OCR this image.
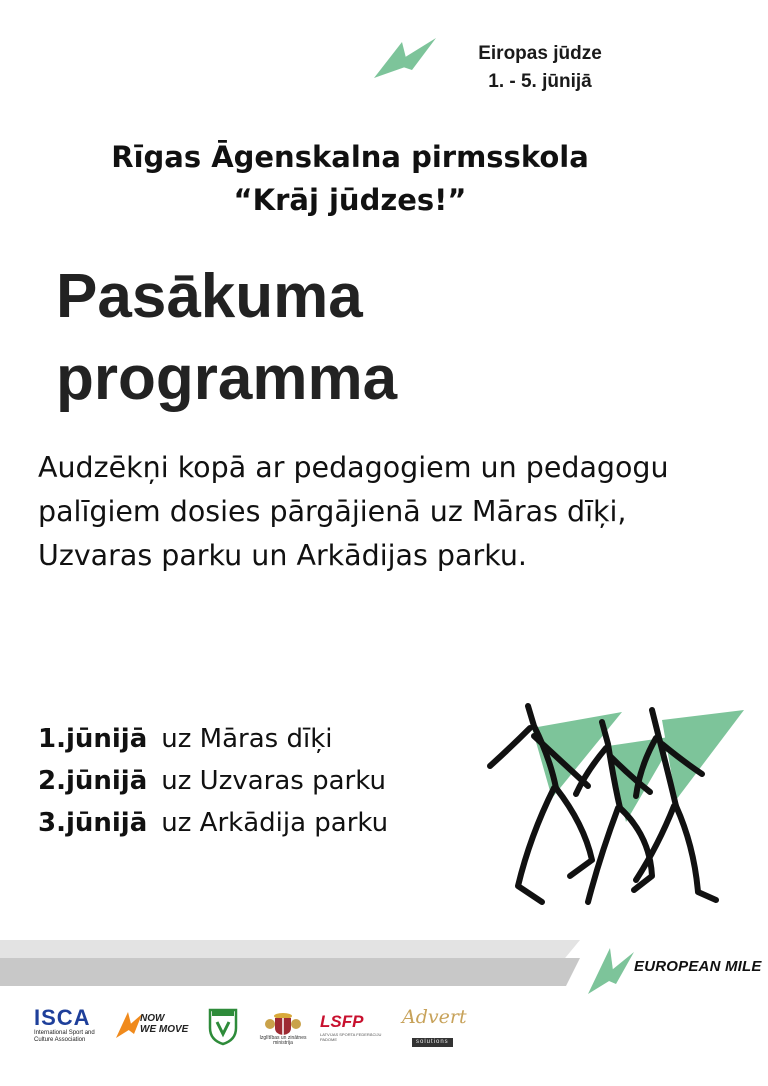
Eiropas jūdze
1. - 5. jūnijā
Rīgas Āgenskalna pirmsskola
“Krāj jūdzes!”
Pasākuma
programma

Audzēkņi kopā ar pedagogiem un pedagogu palīgiem dosies pārgājienā uz Māras dīķi, Uzvaras parku un Arkādijas parku.

1.jūnijā uz Māras dīķi
2.jūnijā uz Uzvaras parku
3.jūnijā uz Arkādija parku
EUROPEAN MILE
ISCA
International Sport and Culture Association
NOW
WE MOVE
Izglītības un zinātnes ministrija
LSFP
LATVIJAS SPORTA FEDERĀCIJU PADOME
Advert
solutions
